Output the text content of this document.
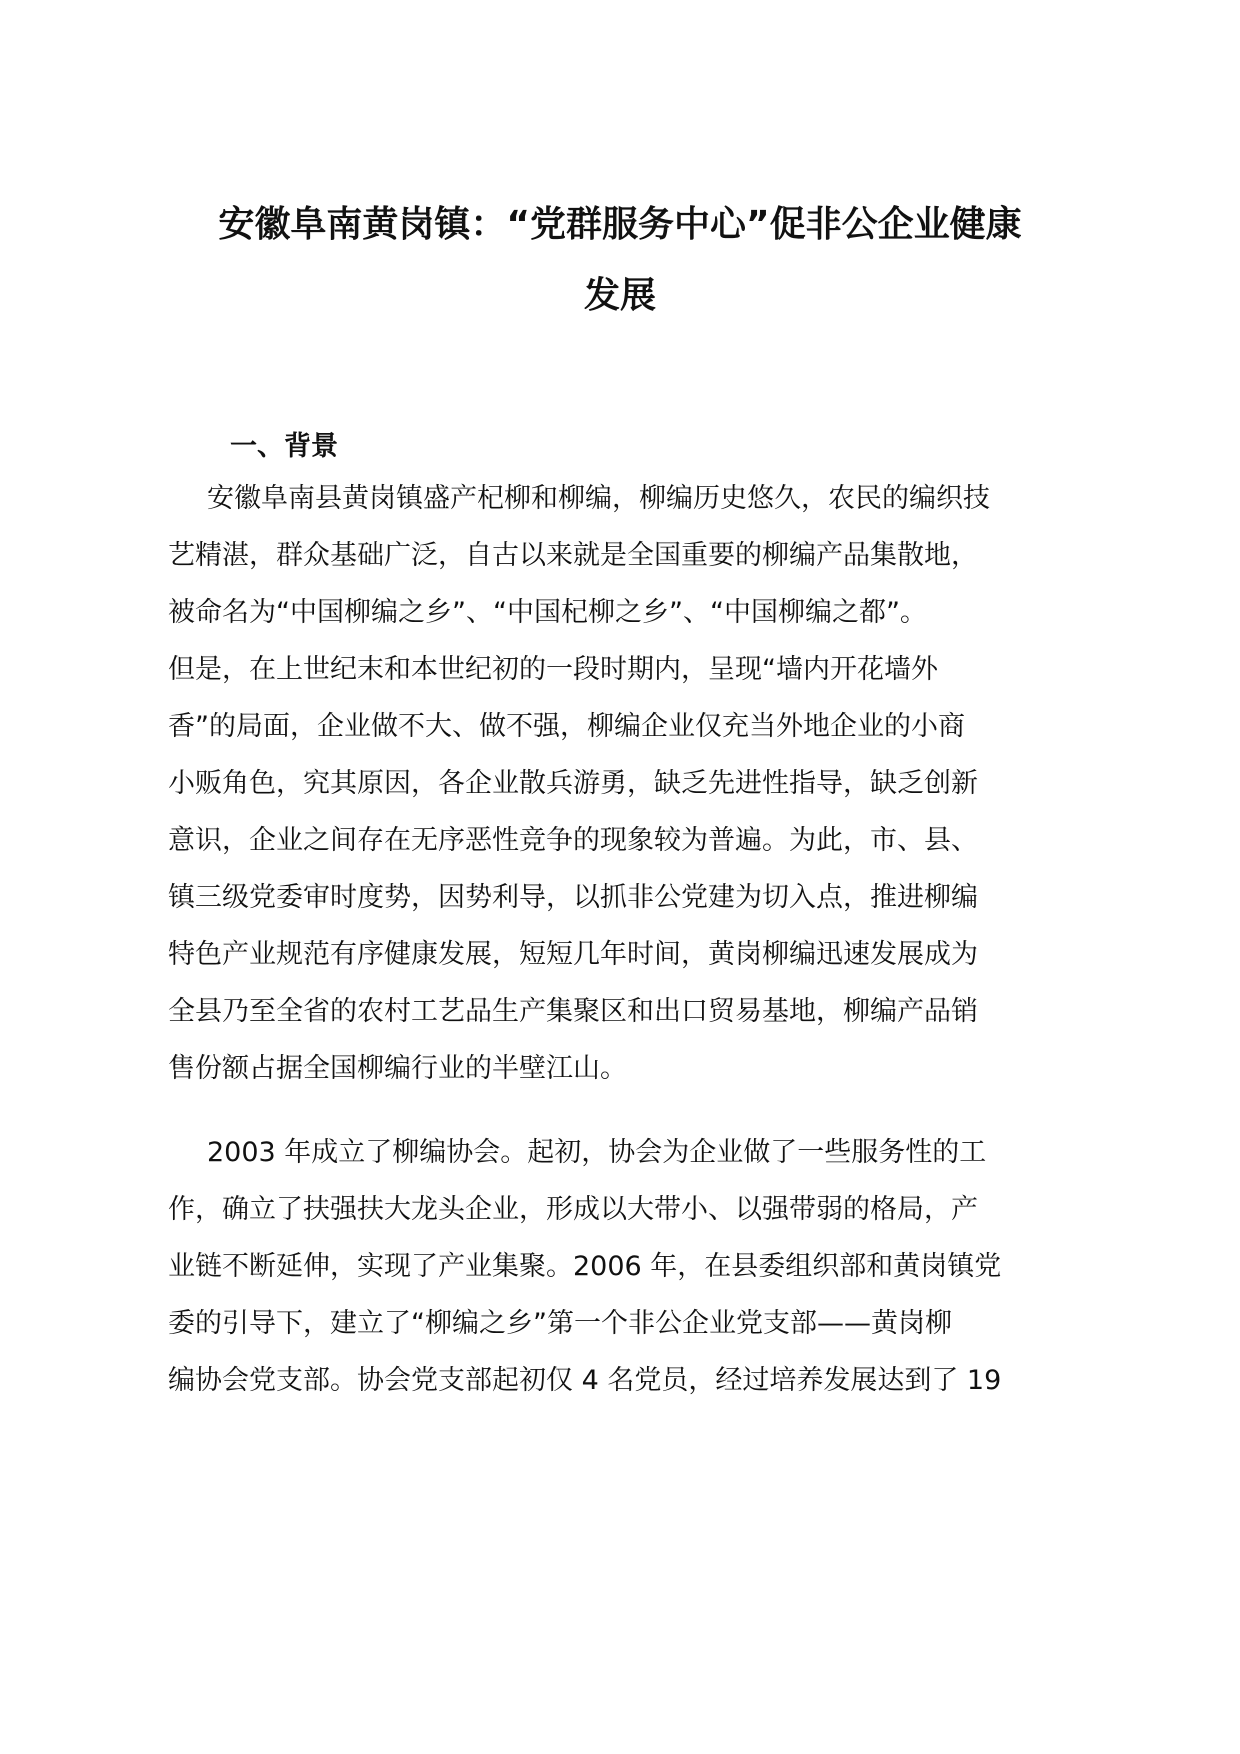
安徽阜南黄岗镇：“党群服务中心”促非公企业健康
发展
一、背景

安徽阜南县黄岗镇盛产杞柳和柳编，柳编历史悠久，农民的编织技

艺精湛，群众基础广泛，自古以来就是全国重要的柳编产品集散地，

被命名为“中国柳编之乡”、“中国杞柳之乡”、“中国柳编之都”。

但是，在上世纪末和本世纪初的一段时期内，呈现“墙内开花墙外

香”的局面，企业做不大、做不强，柳编企业仅充当外地企业的小商

小贩角色，究其原因，各企业散兵游勇，缺乏先进性指导，缺乏创新

意识，企业之间存在无序恶性竞争的现象较为普遍。为此，市、县、

镇三级党委审时度势，因势利导，以抓非公党建为切入点，推进柳编

特色产业规范有序健康发展，短短几年时间，黄岗柳编迅速发展成为

全县乃至全省的农村工艺品生产集聚区和出口贸易基地，柳编产品销

售份额占据全国柳编行业的半壁江山。

2003 年成立了柳编协会。起初，协会为企业做了一些服务性的工

作，确立了扶强扶大龙头企业，形成以大带小、以强带弱的格局，产

业链不断延伸，实现了产业集聚。2006 年，在县委组织部和黄岗镇党

委的引导下，建立了“柳编之乡”第一个非公企业党支部——黄岗柳

编协会党支部。协会党支部起初仅 4 名党员，经过培养发展达到了 19
